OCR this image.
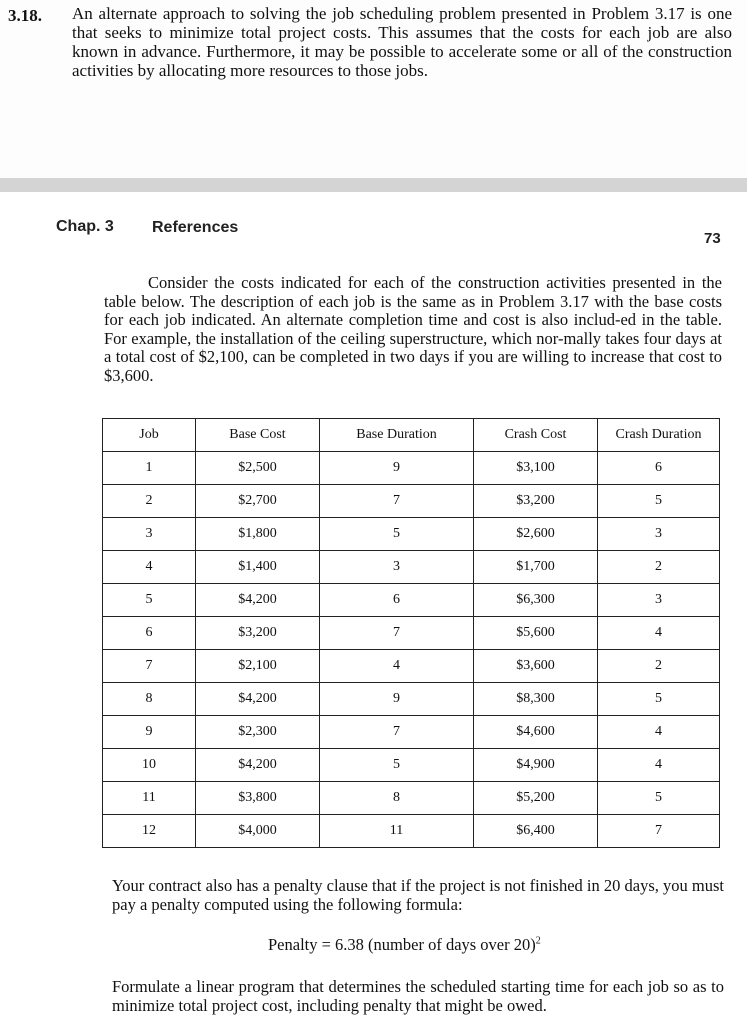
3.18. An alternate approach to solving the job scheduling problem presented in Problem 3.17 is one that seeks to minimize total project costs. This assumes that the costs for each job are also known in advance. Furthermore, it may be possible to accelerate some or all of the construction activities by allocating more resources to those jobs.
Chap. 3 References
73
Consider the costs indicated for each of the construction activities presented in the table below. The description of each job is the same as in Problem 3.17 with the base costs for each job indicated. An alternate completion time and cost is also includ-ed in the table. For example, the installation of the ceiling superstructure, which nor-mally takes four days at a total cost of $2,100, can be completed in two days if you are willing to increase that cost to $3,600.
Job	Base Cost	Base Duration	Crash Cost	Crash Duration
1	$2,500	9	$3,100	6
2	$2,700	7	$3,200	5
3	$1,800	5	$2,600	3
4	$1,400	3	$1,700	2
5	$4,200	6	$6,300	3
6	$3,200	7	$5,600	4
7	$2,100	4	$3,600	2
8	$4,200	9	$8,300	5
9	$2,300	7	$4,600	4
10	$4,200	5	$4,900	4
11	$3,800	8	$5,200	5
12	$4,000	11	$6,400	7
Your contract also has a penalty clause that if the project is not finished in 20 days, you must pay a penalty computed using the following formula:
Penalty = 6.38 (number of days over 20)$^2$
Formulate a linear program that determines the scheduled starting time for each job so as to minimize total project cost, including penalty that might be owed.
